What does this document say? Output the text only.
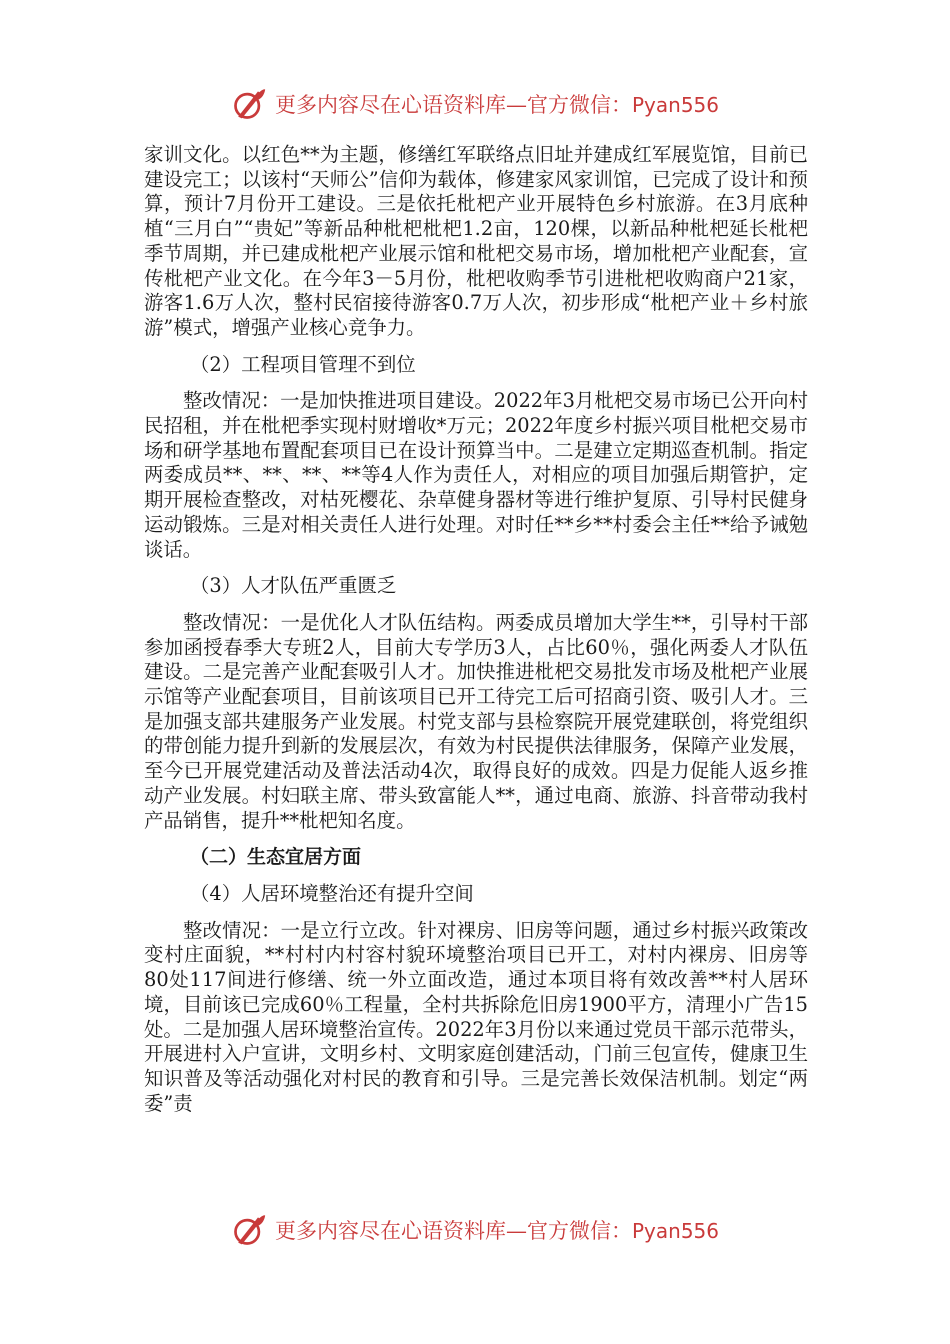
更多内容尽在心语资料库—官方微信：Pyan556

家训文化。以红色**为主题，修缮红军联络点旧址并建成红军展览馆，目前已建设完工；以该村“天师公”信仰为载体，修建家风家训馆，已完成了设计和预算，预计7月份开工建设。三是依托枇杷产业开展特色乡村旅游。在3月底种植“三月白”“贵妃”等新品种枇杷枇杷1.2亩，120棵，以新品种枇杷延长枇杷季节周期，并已建成枇杷产业展示馆和枇杷交易市场，增加枇杷产业配套，宣传枇杷产业文化。在今年3－5月份，枇杷收购季节引进枇杷收购商户21家，游客1.6万人次，整村民宿接待游客0.7万人次，初步形成“枇杷产业＋乡村旅游”模式，增强产业核心竞争力。

（2）工程项目管理不到位

整改情况：一是加快推进项目建设。2022年3月枇杷交易市场已公开向村民招租，并在枇杷季实现村财增收*万元；2022年度乡村振兴项目枇杷交易市场和研学基地布置配套项目已在设计预算当中。二是建立定期巡查机制。指定两委成员**、**、**、**等4人作为责任人，对相应的项目加强后期管护，定期开展检查整改，对枯死樱花、杂草健身器材等进行维护复原、引导村民健身运动锻炼。三是对相关责任人进行处理。对时任**乡**村委会主任**给予诫勉谈话。

（3）人才队伍严重匮乏

整改情况：一是优化人才队伍结构。两委成员增加大学生**，引导村干部参加函授春季大专班2人，目前大专学历3人，占比60％，强化两委人才队伍建设。二是完善产业配套吸引人才。加快推进枇杷交易批发市场及枇杷产业展示馆等产业配套项目，目前该项目已开工待完工后可招商引资、吸引人才。三是加强支部共建服务产业发展。村党支部与县检察院开展党建联创，将党组织的带创能力提升到新的发展层次，有效为村民提供法律服务，保障产业发展，至今已开展党建活动及普法活动4次，取得良好的成效。四是力促能人返乡推动产业发展。村妇联主席、带头致富能人**，通过电商、旅游、抖音带动我村产品销售，提升**枇杷知名度。

（二）生态宜居方面

（4）人居环境整治还有提升空间

整改情况：一是立行立改。针对裸房、旧房等问题，通过乡村振兴政策改变村庄面貌，**村村内村容村貌环境整治项目已开工，对村内裸房、旧房等80处117间进行修缮、统一外立面改造，通过本项目将有效改善**村人居环境，目前该已完成60％工程量，全村共拆除危旧房1900平方，清理小广告15处。二是加强人居环境整治宣传。2022年3月份以来通过党员干部示范带头，开展进村入户宣讲，文明乡村、文明家庭创建活动，门前三包宣传，健康卫生知识普及等活动强化对村民的教育和引导。三是完善长效保洁机制。划定“两委”责

更多内容尽在心语资料库—官方微信：Pyan556
